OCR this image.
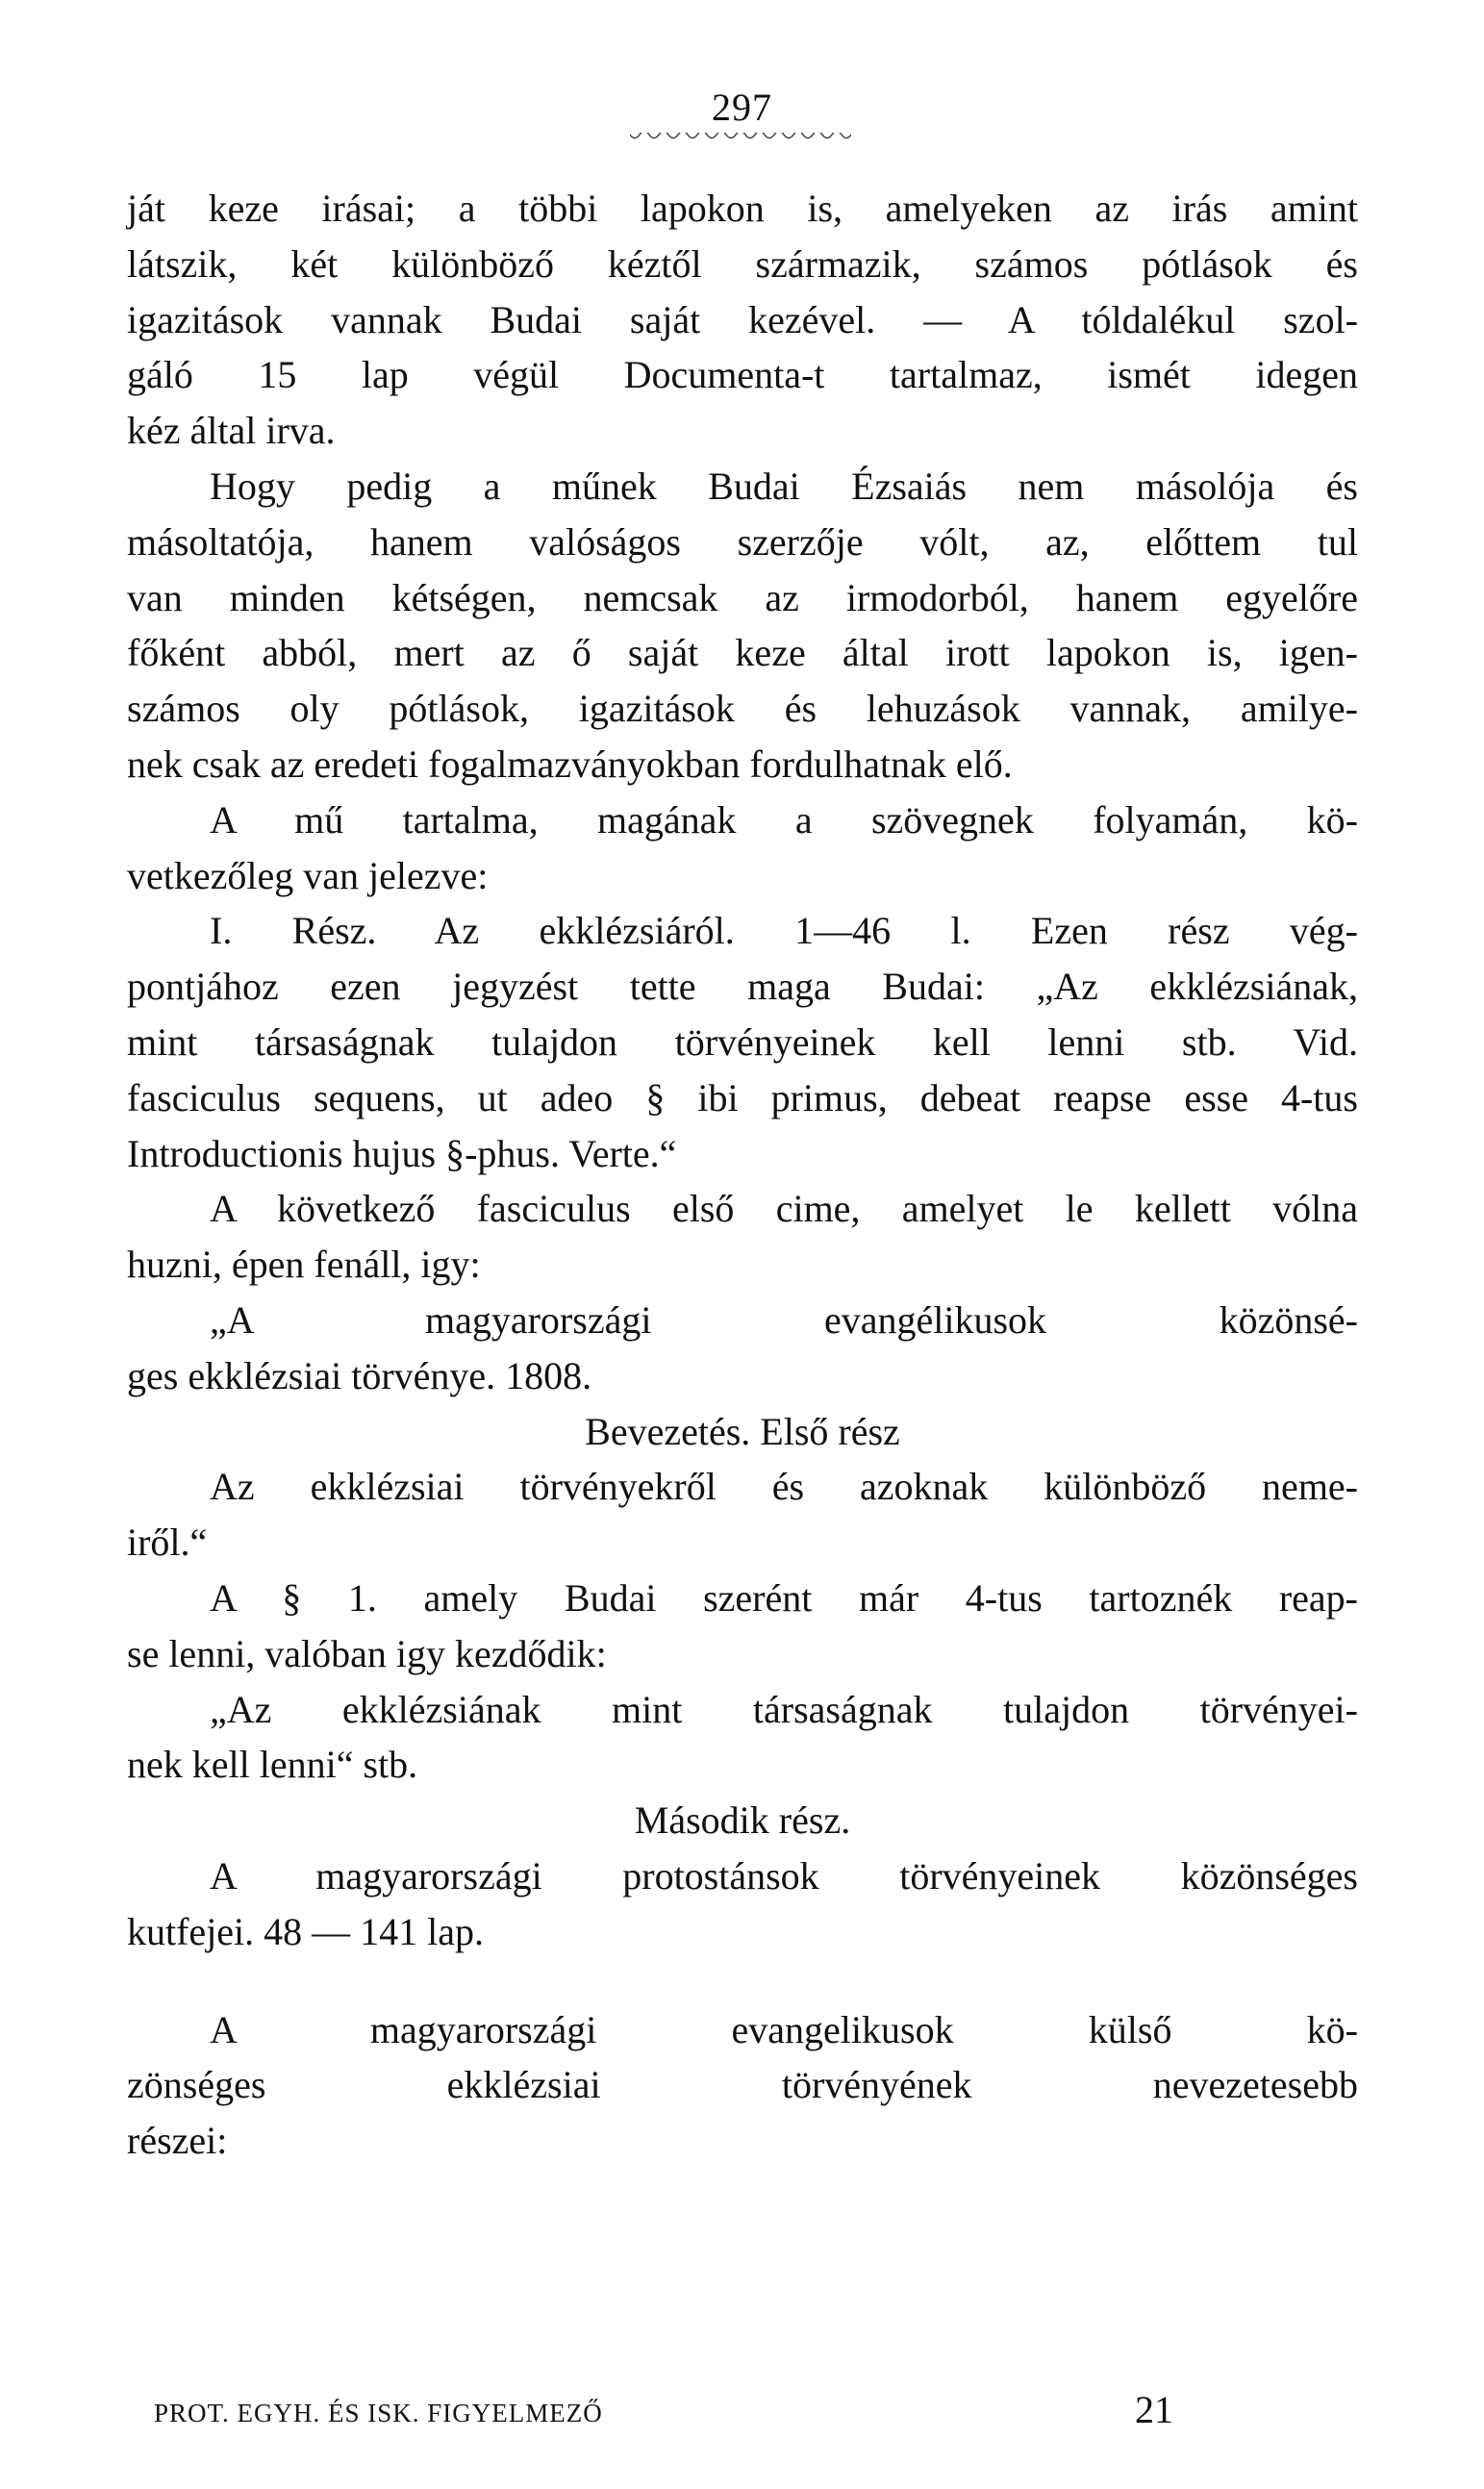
297
ját keze irásai; a többi lapokon is, amelyeken az irás amint
látszik, két különböző kéztől származik, számos pótlások és
igazitások vannak Budai saját kezével. — A tóldalékul szol-
gáló 15 lap végül Documenta-t tartalmaz, ismét idegen
kéz által irva.
Hogy pedig a műnek Budai Ézsaiás nem másolója és
másoltatója, hanem valóságos szerzője vólt, az, előttem tul
van minden kétségen, nemcsak az irmodorból, hanem egyelőre
főként abból, mert az ő saját keze által irott lapokon is, igen-
számos oly pótlások, igazitások és lehuzások vannak, amilye-
nek csak az eredeti fogalmazványokban fordulhatnak elő.
A mű tartalma, magának a szövegnek folyamán, kö-
vetkezőleg van jelezve:
I. Rész. Az ekklézsiáról. 1—46 l. Ezen rész vég-
pontjához ezen jegyzést tette maga Budai: „Az ekklézsiának,
mint társaságnak tulajdon törvényeinek kell lenni stb. Vid.
fasciculus sequens, ut adeo § ibi primus, debeat reapse esse 4-tus
Introductionis hujus §-phus. Verte.“
A következő fasciculus első cime, amelyet le kellett vólna
huzni, épen fenáll, igy:
„A magyarországi evangélikusok közönsé-
ges ekklézsiai törvénye. 1808.
Bevezetés. Első rész
Az ekklézsiai törvényekről és azoknak különböző neme-
iről.“
A § 1. amely Budai szerént már 4-tus tartoznék reap-
se lenni, valóban igy kezdődik:
„Az ekklézsiának mint társaságnak tulajdon törvényei-
nek kell lenni“ stb.
Második rész.
A magyarországi protostánsok törvényeinek közönséges
kutfejei. 48 — 141 lap.
A magyarországi evangelikusok külső kö-
zönséges ekklézsiai törvényének nevezetesebb
részei:
PROT. EGYH. ÉS ISK. FIGYELMEZŐ	21
